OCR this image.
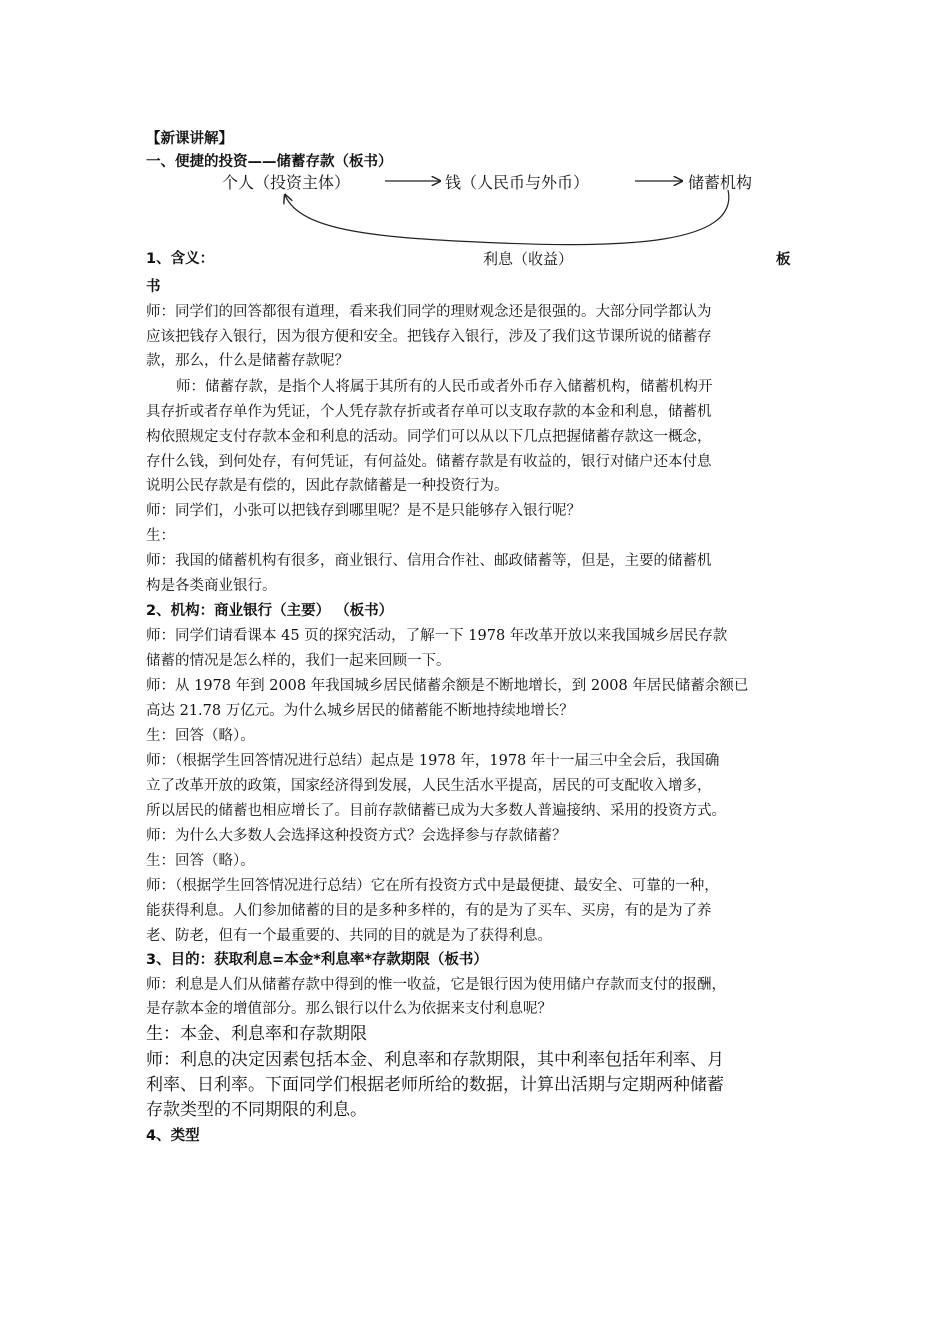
【新课讲解】
一、便捷的投资——储蓄存款（板书）
个人（投资主体）	钱（人民币与外币）	储蓄机构
利息（收益）
1、含义：	板
书
师：同学们的回答都很有道理，看来我们同学的理财观念还是很强的。大部分同学都认为
应该把钱存入银行，因为很方便和安全。把钱存入银行，涉及了我们这节课所说的储蓄存
款，那么，什么是储蓄存款呢？
师：储蓄存款，是指个人将属于其所有的人民币或者外币存入储蓄机构，储蓄机构开
具存折或者存单作为凭证，个人凭存款存折或者存单可以支取存款的本金和利息，储蓄机
构依照规定支付存款本金和利息的活动。同学们可以从以下几点把握储蓄存款这一概念，
存什么钱，到何处存，有何凭证，有何益处。储蓄存款是有收益的，银行对储户还本付息
说明公民存款是有偿的，因此存款储蓄是一种投资行为。
师：同学们，小张可以把钱存到哪里呢？是不是只能够存入银行呢？
生：
师：我国的储蓄机构有很多，商业银行、信用合作社、邮政储蓄等，但是，主要的储蓄机
构是各类商业银行。
2、机构：商业银行（主要） （板书）
师：同学们请看课本 45 页的探究活动，了解一下 1978 年改革开放以来我国城乡居民存款
储蓄的情况是怎么样的，我们一起来回顾一下。
师：从 1978 年到 2008 年我国城乡居民储蓄余额是不断地增长，到 2008 年居民储蓄余额已
高达 21.78 万亿元。为什么城乡居民的储蓄能不断地持续地增长？
生：回答（略）。
师：（根据学生回答情况进行总结）起点是 1978 年，1978 年十一届三中全会后，我国确
立了改革开放的政策，国家经济得到发展，人民生活水平提高，居民的可支配收入增多，
所以居民的储蓄也相应增长了。目前存款储蓄已成为大多数人普遍接纳、采用的投资方式。
师：为什么大多数人会选择这种投资方式？会选择参与存款储蓄？
生：回答（略）。
师：（根据学生回答情况进行总结）它在所有投资方式中是最便捷、最安全、可靠的一种，
能获得利息。人们参加储蓄的目的是多种多样的，有的是为了买车、买房，有的是为了养
老、防老，但有一个最重要的、共同的目的就是为了获得利息。
3、目的：获取利息=本金*利息率*存款期限（板书）
师：利息是人们从储蓄存款中得到的惟一收益，它是银行因为使用储户存款而支付的报酬，
是存款本金的增值部分。那么银行以什么为依据来支付利息呢？
生：本金、利息率和存款期限
师：利息的决定因素包括本金、利息率和存款期限，其中利率包括年利率、月
利率、日利率。下面同学们根据老师所给的数据，计算出活期与定期两种储蓄
存款类型的不同期限的利息。
4、类型
